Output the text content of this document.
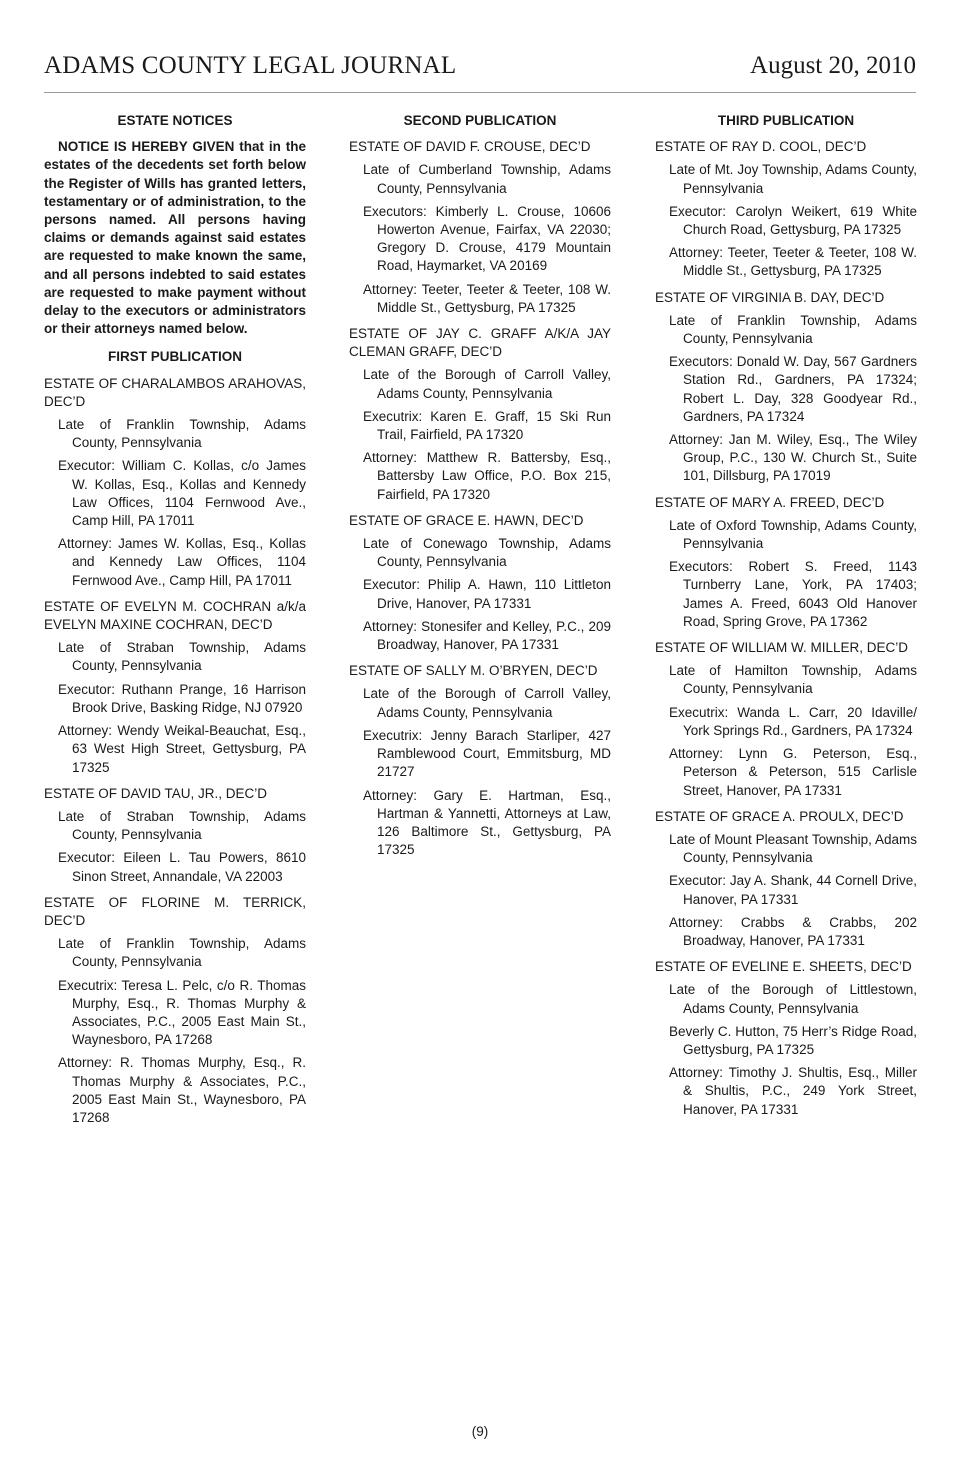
ADAMS COUNTY LEGAL JOURNAL	August 20, 2010
ESTATE NOTICES

NOTICE IS HEREBY GIVEN that in the estates of the decedents set forth below the Register of Wills has granted letters, testamentary or of administration, to the persons named. All persons having claims or demands against said estates are requested to make known the same, and all persons indebted to said estates are requested to make payment without delay to the executors or administrators or their attorneys named below.

FIRST PUBLICATION

ESTATE OF CHARALAMBOS ARAHOVAS, DEC’D

Late of Franklin Township, Adams County, Pennsylvania

Executor: William C. Kollas, c/o James W. Kollas, Esq., Kollas and Kennedy Law Offices, 1104 Fernwood Ave., Camp Hill, PA 17011

Attorney: James W. Kollas, Esq., Kollas and Kennedy Law Offices, 1104 Fernwood Ave., Camp Hill, PA 17011

ESTATE OF EVELYN M. COCHRAN a/k/a EVELYN MAXINE COCHRAN, DEC’D

Late of Straban Township, Adams County, Pennsylvania

Executor: Ruthann Prange, 16 Harrison Brook Drive, Basking Ridge, NJ 07920

Attorney: Wendy Weikal-Beauchat, Esq., 63 West High Street, Gettysburg, PA 17325

ESTATE OF DAVID TAU, JR., DEC’D

Late of Straban Township, Adams County, Pennsylvania

Executor: Eileen L. Tau Powers, 8610 Sinon Street, Annandale, VA 22003

ESTATE OF FLORINE M. TERRICK, DEC’D

Late of Franklin Township, Adams County, Pennsylvania

Executrix: Teresa L. Pelc, c/o R. Thomas Murphy, Esq., R. Thomas Murphy & Associates, P.C., 2005 East Main St., Waynesboro, PA 17268

Attorney: R. Thomas Murphy, Esq., R. Thomas Murphy & Associates, P.C., 2005 East Main St., Waynesboro, PA 17268

SECOND PUBLICATION

ESTATE OF DAVID F. CROUSE, DEC’D

Late of Cumberland Township, Adams County, Pennsylvania

Executors: Kimberly L. Crouse, 10606 Howerton Avenue, Fairfax, VA 22030; Gregory D. Crouse, 4179 Mountain Road, Haymarket, VA 20169

Attorney: Teeter, Teeter & Teeter, 108 W. Middle St., Gettysburg, PA 17325

ESTATE OF JAY C. GRAFF A/K/A JAY CLEMAN GRAFF, DEC’D

Late of the Borough of Carroll Valley, Adams County, Pennsylvania

Executrix: Karen E. Graff, 15 Ski Run Trail, Fairfield, PA 17320

Attorney: Matthew R. Battersby, Esq., Battersby Law Office, P.O. Box 215, Fairfield, PA 17320

ESTATE OF GRACE E. HAWN, DEC’D

Late of Conewago Township, Adams County, Pennsylvania

Executor: Philip A. Hawn, 110 Littleton Drive, Hanover, PA 17331

Attorney: Stonesifer and Kelley, P.C., 209 Broadway, Hanover, PA 17331

ESTATE OF SALLY M. O’BRYEN, DEC’D

Late of the Borough of Carroll Valley, Adams County, Pennsylvania

Executrix: Jenny Barach Starliper, 427 Ramblewood Court, Emmitsburg, MD 21727

Attorney: Gary E. Hartman, Esq., Hartman & Yannetti, Attorneys at Law, 126 Baltimore St., Gettysburg, PA 17325

THIRD PUBLICATION

ESTATE OF RAY D. COOL, DEC’D

Late of Mt. Joy Township, Adams County, Pennsylvania

Executor: Carolyn Weikert, 619 White Church Road, Gettysburg, PA 17325

Attorney: Teeter, Teeter & Teeter, 108 W. Middle St., Gettysburg, PA 17325

ESTATE OF VIRGINIA B. DAY, DEC’D

Late of Franklin Township, Adams County, Pennsylvania

Executors: Donald W. Day, 567 Gardners Station Rd., Gardners, PA 17324; Robert L. Day, 328 Goodyear Rd., Gardners, PA 17324

Attorney: Jan M. Wiley, Esq., The Wiley Group, P.C., 130 W. Church St., Suite 101, Dillsburg, PA 17019

ESTATE OF MARY A. FREED, DEC’D

Late of Oxford Township, Adams County, Pennsylvania

Executors: Robert S. Freed, 1143 Turnberry Lane, York, PA 17403; James A. Freed, 6043 Old Hanover Road, Spring Grove, PA 17362

ESTATE OF WILLIAM W. MILLER, DEC’D

Late of Hamilton Township, Adams County, Pennsylvania

Executrix: Wanda L. Carr, 20 Idaville/ York Springs Rd., Gardners, PA 17324

Attorney: Lynn G. Peterson, Esq., Peterson & Peterson, 515 Carlisle Street, Hanover, PA 17331

ESTATE OF GRACE A. PROULX, DEC’D

Late of Mount Pleasant Township, Adams County, Pennsylvania

Executor: Jay A. Shank, 44 Cornell Drive, Hanover, PA 17331

Attorney: Crabbs & Crabbs, 202 Broadway, Hanover, PA 17331

ESTATE OF EVELINE E. SHEETS, DEC’D

Late of the Borough of Littlestown, Adams County, Pennsylvania

Beverly C. Hutton, 75 Herr’s Ridge Road, Gettysburg, PA 17325

Attorney: Timothy J. Shultis, Esq., Miller & Shultis, P.C., 249 York Street, Hanover, PA 17331

(9)
